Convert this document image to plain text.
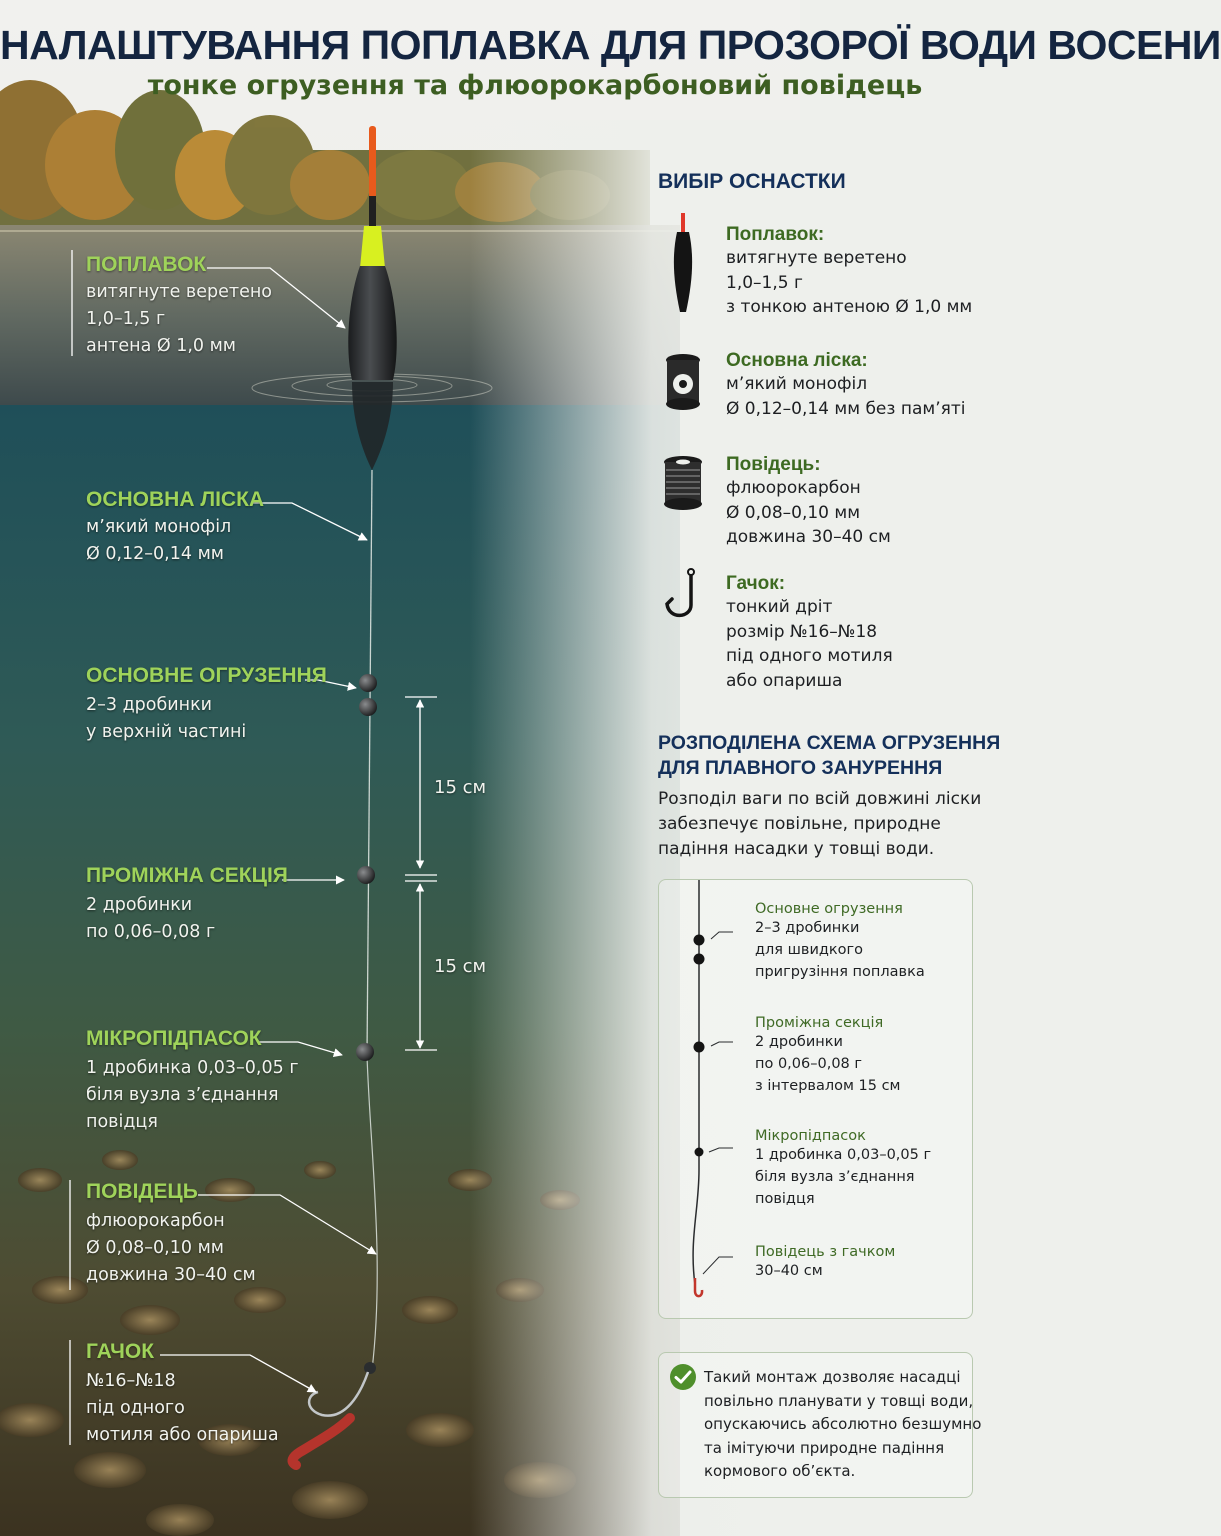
НАЛАШТУВАННЯ ПОПЛАВКА ДЛЯ ПРОЗОРОЇ ВОДИ ВОСЕНИ
тонке огрузення та флюорокарбоновий повідець
ПОПЛАВОК
витягнуте веретено
1,0–1,5 г
антена Ø 1,0 мм
ОСНОВНА ЛІСКА
м’який монофіл
Ø 0,12–0,14 мм
ОСНОВНЕ ОГРУЗЕННЯ
2–3 дробинки
у верхній частині
ПРОМІЖНА СЕКЦІЯ
2 дробинки
по 0,06–0,08 г
МІКРОПІДПАСОК
1 дробинка 0,03–0,05 г
біля вузла з’єднання
повідця
ПОВІДЕЦЬ
флюорокарбон
Ø 0,08–0,10 мм
довжина 30–40 см
ГАЧОК
№16–№18
під одного
мотиля або опариша
15 см
15 см
ВИБІР ОСНАСТКИ
Поплавок:
витягнуте веретено
1,0–1,5 г
з тонкою антеною Ø 1,0 мм
Основна ліска:
м’який монофіл
Ø 0,12–0,14 мм без пам’яті
Повідець:
флюорокарбон
Ø 0,08–0,10 мм
довжина 30–40 см
Гачок:
тонкий дріт
розмір №16–№18
під одного мотиля
або опариша
РОЗПОДІЛЕНА СХЕМА ОГРУЗЕННЯ
ДЛЯ ПЛАВНОГО ЗАНУРЕННЯ
Розподіл ваги по всій довжині ліски
забезпечує повільне, природне
падіння насадки у товщі води.
Основне огрузення
2–3 дробинки
для швидкого
пригрузіння поплавка
Проміжна секція
2 дробинки
по 0,06–0,08 г
з інтервалом 15 см
Мікропідпасок
1 дробинка 0,03–0,05 г
біля вузла з’єднання
повідця
Повідець з гачком
30–40 см
Такий монтаж дозволяє насадці
повільно планувати у товщі води,
опускаючись абсолютно безшумно
та імітуючи природне падіння
кормового об’єкта.
